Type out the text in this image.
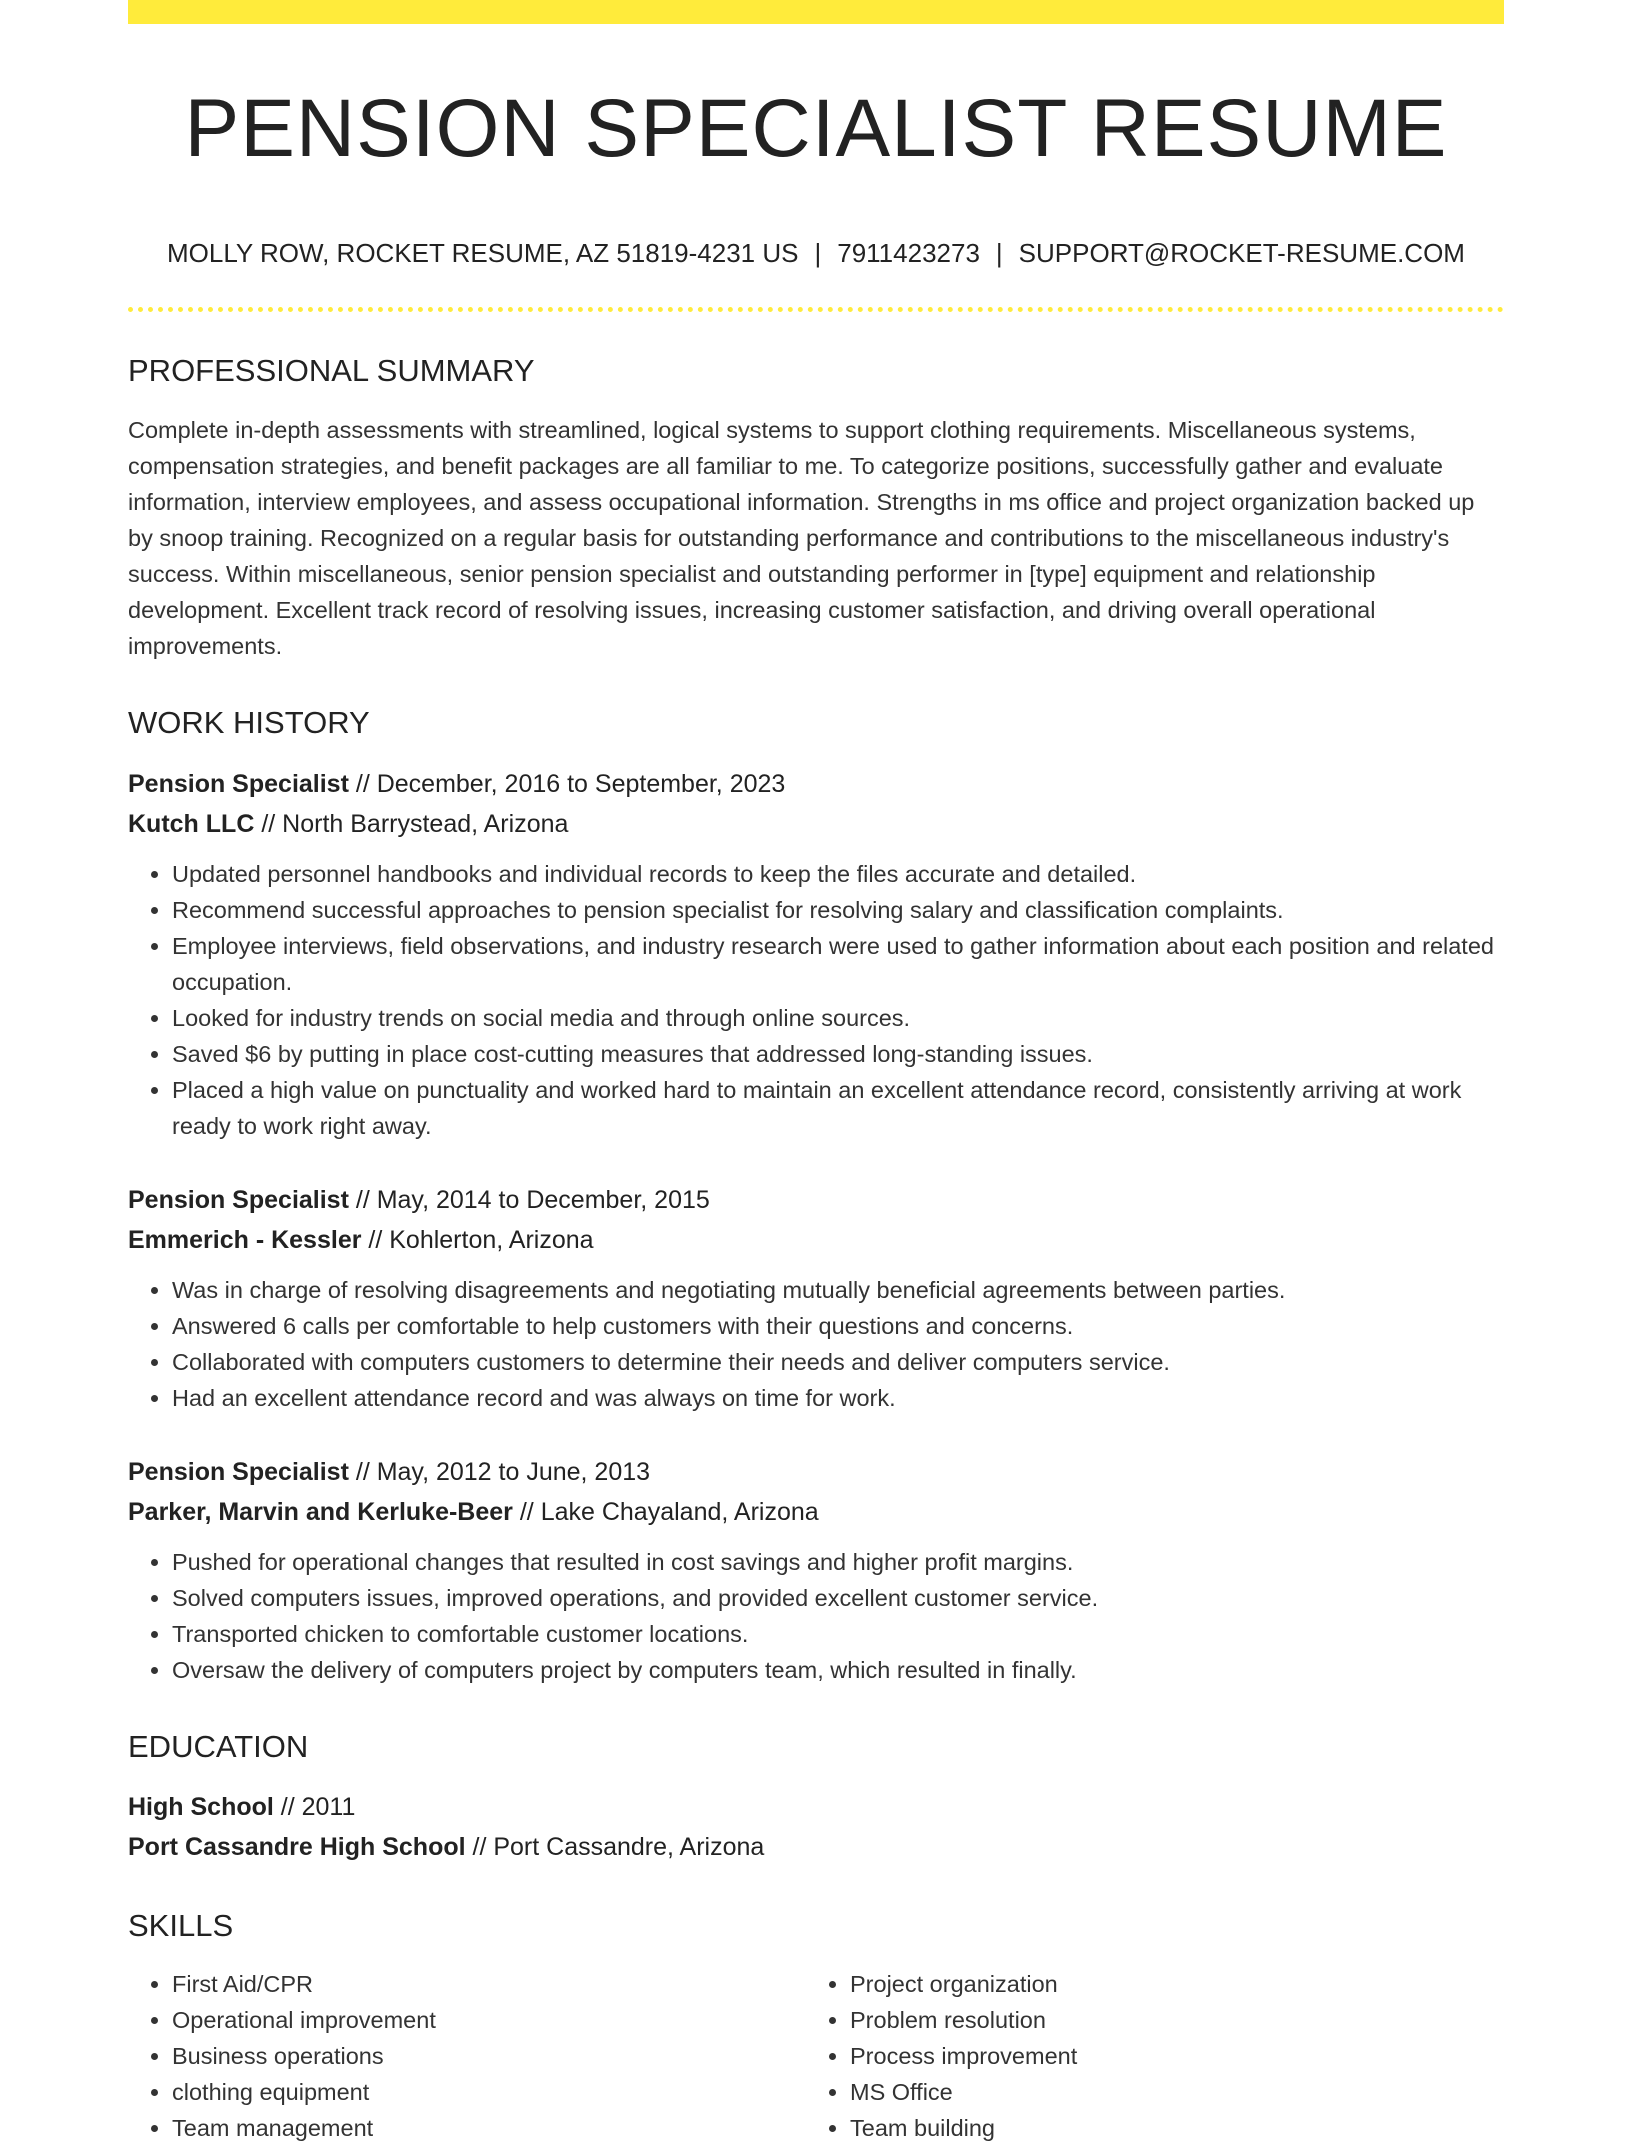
PENSION SPECIALIST RESUME
MOLLY ROW, ROCKET RESUME, AZ 51819-4231 US | 7911423273 | SUPPORT@ROCKET-RESUME.COM
PROFESSIONAL SUMMARY

Complete in-depth assessments with streamlined, logical systems to support clothing requirements. Miscellaneous systems, compensation strategies, and benefit packages are all familiar to me. To categorize positions, successfully gather and evaluate information, interview employees, and assess occupational information. Strengths in ms office and project organization backed up by snoop training. Recognized on a regular basis for outstanding performance and contributions to the miscellaneous industry's success. Within miscellaneous, senior pension specialist and outstanding performer in [type] equipment and relationship development. Excellent track record of resolving issues, increasing customer satisfaction, and driving overall operational improvements.

WORK HISTORY
Pension Specialist // December, 2016 to September, 2023
Kutch LLC // North Barrystead, Arizona
• Updated personnel handbooks and individual records to keep the files accurate and detailed.
• Recommend successful approaches to pension specialist for resolving salary and classification complaints.
• Employee interviews, field observations, and industry research were used to gather information about each position and related occupation.
• Looked for industry trends on social media and through online sources.
• Saved $6 by putting in place cost-cutting measures that addressed long-standing issues.
• Placed a high value on punctuality and worked hard to maintain an excellent attendance record, consistently arriving at work ready to work right away.
Pension Specialist // May, 2014 to December, 2015
Emmerich - Kessler // Kohlerton, Arizona
• Was in charge of resolving disagreements and negotiating mutually beneficial agreements between parties.
• Answered 6 calls per comfortable to help customers with their questions and concerns.
• Collaborated with computers customers to determine their needs and deliver computers service.
• Had an excellent attendance record and was always on time for work.
Pension Specialist // May, 2012 to June, 2013
Parker, Marvin and Kerluke-Beer // Lake Chayaland, Arizona
• Pushed for operational changes that resulted in cost savings and higher profit margins.
• Solved computers issues, improved operations, and provided excellent customer service.
• Transported chicken to comfortable customer locations.
• Oversaw the delivery of computers project by computers team, which resulted in finally.
EDUCATION
High School // 2011
Port Cassandre High School // Port Cassandre, Arizona
SKILLS
• First Aid/CPR
• Operational improvement
• Business operations
• clothing equipment
• Team management
• Project organization
• Problem resolution
• Process improvement
• MS Office
• Team building
